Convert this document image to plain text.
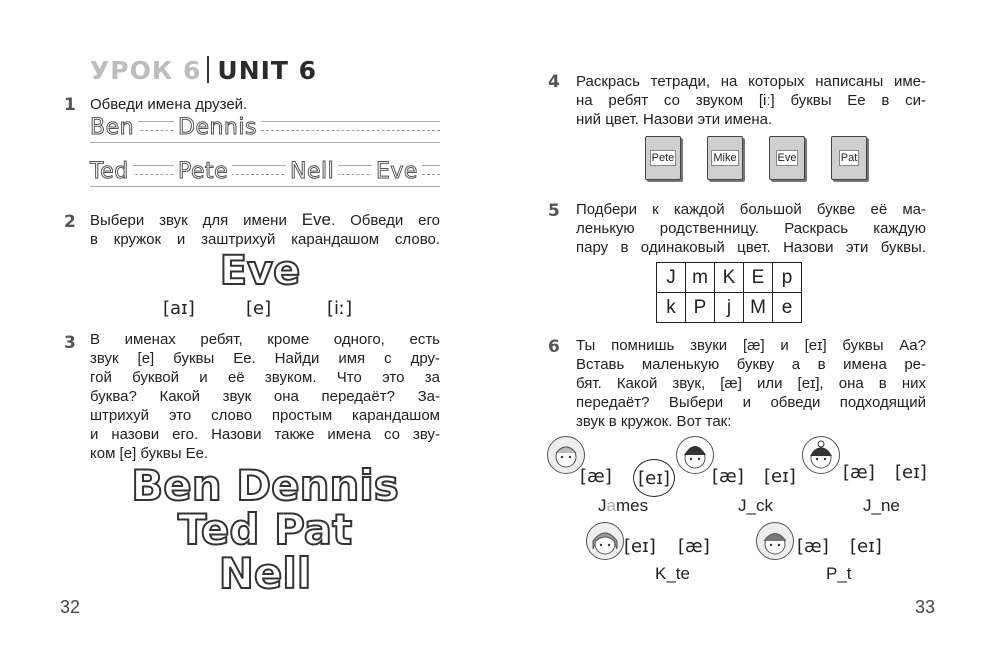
УРОК 6 UNIT 6
1 Обведи имена друзей.
Ben Dennis
Ted Pete	Nell Eve
2 Выбери звук для имени Eve. Обведи его
в кружок и заштрихуй карандашом слово.
Eve
[aɪ]	[e]	[iː]
3 В именах ребят, кроме одного, есть
звук [e] буквы Ee. Найди имя с дру-
гой буквой и её звуком. Что это за
буква? Какой звук она передаёт? За-
штрихуй это слово простым карандашом
и назови его. Назови также имена со зву-
ком [e] буквы Ee.
Ben Dennis
Ted Pat
Nell
32
4 Раскрась тетради, на которых написаны име-
на ребят со звуком [iː] буквы Ee в си-
ний цвет. Назови эти имена.
Pete	Mike	Eve	Pat
5 Подбери к каждой большой букве её ма-
ленькую родственницу. Раскрась каждую
пару в одинаковый цвет. Назови эти буквы.
J	m	K	E	p
k	P	j	M	e
6 Ты помнишь звуки [æ] и [eɪ] буквы Aa?
Вставь маленькую букву a в имена ре-
бят. Какой звук, [æ] или [eɪ], она в них
передаёт? Выбери и обведи подходящий
звук в кружок. Вот так:
[æ] [eɪ]
James
[æ] [eɪ]
J_ck
[æ] [eɪ]
J_ne
[eɪ] [æ]
K_te
[æ] [eɪ]
P_t
33
